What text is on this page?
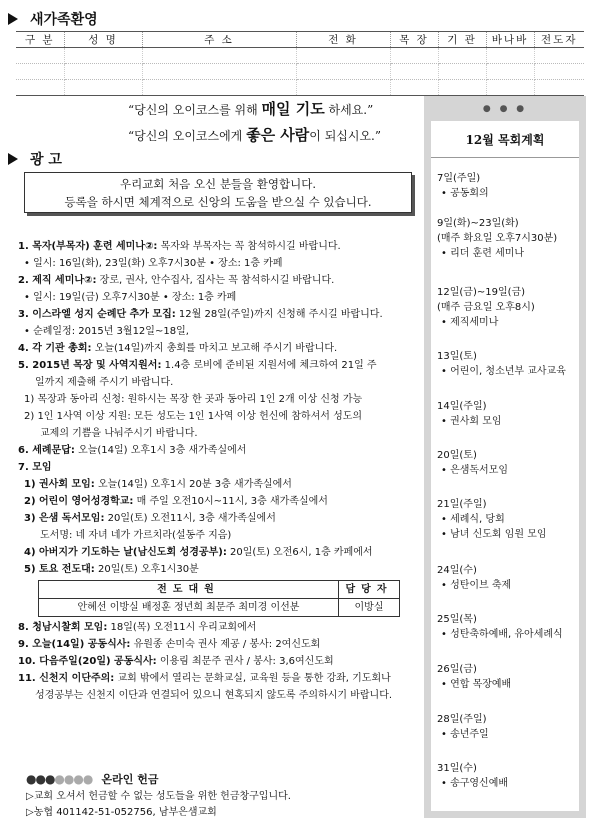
새가족환영
구 분	성 명	주 소	전 화	목 장	기 관	바나바	전도자

“당신의 오이코스를 위해 매일 기도 하세요.”
“당신의 오이코스에게 좋은 사람이 되십시오.”
● ● ●
12월 목회계획
7일(주일)
• 공동회의
9일(화)~23일(화)
(매주 화요일 오후7시30분)
• 리더 훈련 세미나
12일(금)~19일(금)
(매주 금요일 오후8시)
• 제직세미나
13일(토)
• 어린이, 청소년부 교사교육
14일(주일)
• 권사회 모임
20일(토)
• 은샘독서모임
21일(주일)
• 세례식, 당회
• 남녀 신도회 임원 모임
24일(수)
• 성탄이브 축제
25일(목)
• 성탄축하예배, 유아세례식
26일(금)
• 연합 목장예배
28일(주일)
• 송년주일
31일(수)
• 송구영신예배
광 고
우리교회 처음 오신 분들을 환영합니다.
등록을 하시면 체계적으로 신앙의 도움을 받으실 수 있습니다.
1. 목자(부목자) 훈련 세미나②: 목자와 부목자는 꼭 참석하시길 바랍니다.
• 일시: 16일(화), 23일(화) 오후7시30분 • 장소: 1층 카페
2. 제직 세미나②: 장로, 권사, 안수집사, 집사는 꼭 참석하시길 바랍니다.
• 일시: 19일(금) 오후7시30분 • 장소: 1층 카페
3. 이스라엘 성지 순례단 추가 모집: 12월 28일(주일)까지 신청해 주시길 바랍니다.
• 순례일정: 2015년 3월12일~18일,
4. 각 기관 총회: 오늘(14일)까지 총회를 마치고 보고해 주시기 바랍니다.
5. 2015년 목장 및 사역지원서: 1.4층 로비에 준비된 지원서에 체크하여 21일 주
일까지 제출해 주시기 바랍니다.
1) 목장과 동아리 신청: 원하시는 목장 한 곳과 동아리 1인 2개 이상 신청 가능
2) 1인 1사역 이상 지원: 모든 성도는 1인 1사역 이상 헌신에 참하셔서 성도의
교제의 기쁨을 나눠주시기 바랍니다.
6. 세례문답: 오늘(14일) 오후1시 3층 새가족실에서
7. 모임
1) 권사회 모임: 오늘(14일) 오후1시 20분 3층 새가족실에서
2) 어린이 영어성경학교: 매 주일 오전10시~11시, 3층 새가족실에서
3) 은샘 독서모임: 20일(토) 오전11시, 3층 새가족실에서
도서명: 네 자녀 네가 가르치라(설동주 지음)
4) 아버지가 기도하는 날(남신도회 성경공부): 20일(토) 오전6시, 1층 카페에서
5) 토요 전도대: 20일(토) 오후1시30분
전도대원	담당자
안혜선 이방실 배정훈 정년희 최문주 최미경 이선분	이방실
8. 청남시찰회 모임: 18일(목) 오전11시 우리교회에서
9. 오늘(14일) 공동식사: 유원종 손미숙 권사 제공 / 봉사: 2여신도회
10. 다음주일(20일) 공동식사: 이용림 최문주 권사 / 봉사: 3,6여신도회
11. 신천지 이단주의: 교회 밖에서 열리는 문화교실, 교육원 등을 통한 강좌, 기도회나
성경공부는 신천지 이단과 연결되어 있으니 현혹되지 않도록 주의하시기 바랍니다.
●●●●●●● 온라인 헌금
▷교회 오셔서 헌금할 수 없는 성도들을 위한 헌금창구입니다.
▷농협 401142-51-052756, 남부은샘교회
